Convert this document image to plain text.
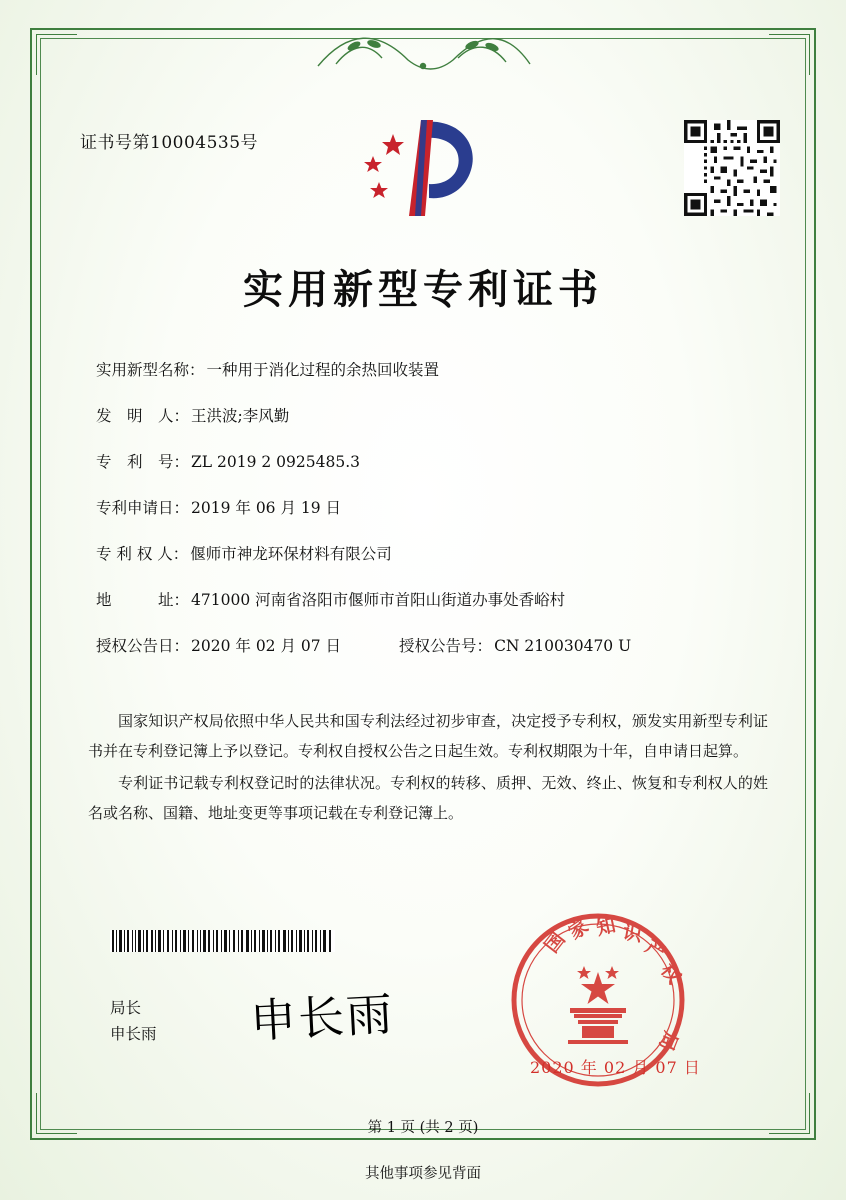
证书号第10004535号
实用新型专利证书
实用新型名称： 一种用于消化过程的余热回收装置
发　明　人： 王洪波;李风勤
专　利　号： ZL 2019 2 0925485.3
专利申请日： 2019 年 06 月 19 日
专 利 权 人： 偃师市神龙环保材料有限公司
地　　　址： 471000 河南省洛阳市偃师市首阳山街道办事处香峪村
授权公告日： 2020 年 02 月 07 日	授权公告号： CN 210030470 U

国家知识产权局依照中华人民共和国专利法经过初步审查，决定授予专利权，颁发实用新型专利证书并在专利登记簿上予以登记。专利权自授权公告之日起生效。专利权期限为十年，自申请日起算。

专利证书记载专利权登记时的法律状况。专利权的转移、质押、无效、终止、恢复和专利权人的姓名或名称、国籍、地址变更等事项记载在专利登记簿上。

局长
申长雨 申长雨
国
家 知 识
产
权
局
2020 年 02 月 07 日
第 1 页 (共 2 页)
其他事项参见背面
